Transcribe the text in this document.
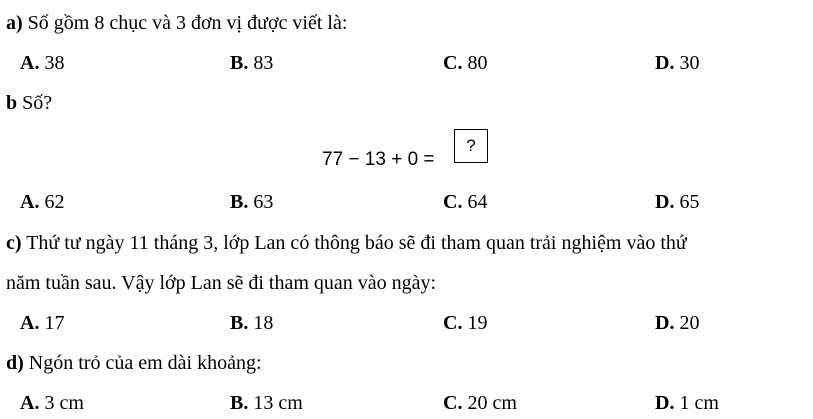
a) Số gồm 8 chục và 3 đơn vị được viết là:
A. 38	B. 83	C. 80	D. 30
b Số?
77 − 13 + 0 =
?
A. 62	B. 63	C. 64	D. 65
c) Thứ tư ngày 11 tháng 3, lớp Lan có thông báo sẽ đi tham quan trải nghiệm vào thứ
năm tuần sau. Vậy lớp Lan sẽ đi tham quan vào ngày:
A. 17	B. 18	C. 19	D. 20
d) Ngón trỏ của em dài khoảng:
A. 3 cm	B. 13 cm	C. 20 cm	D. 1 cm
